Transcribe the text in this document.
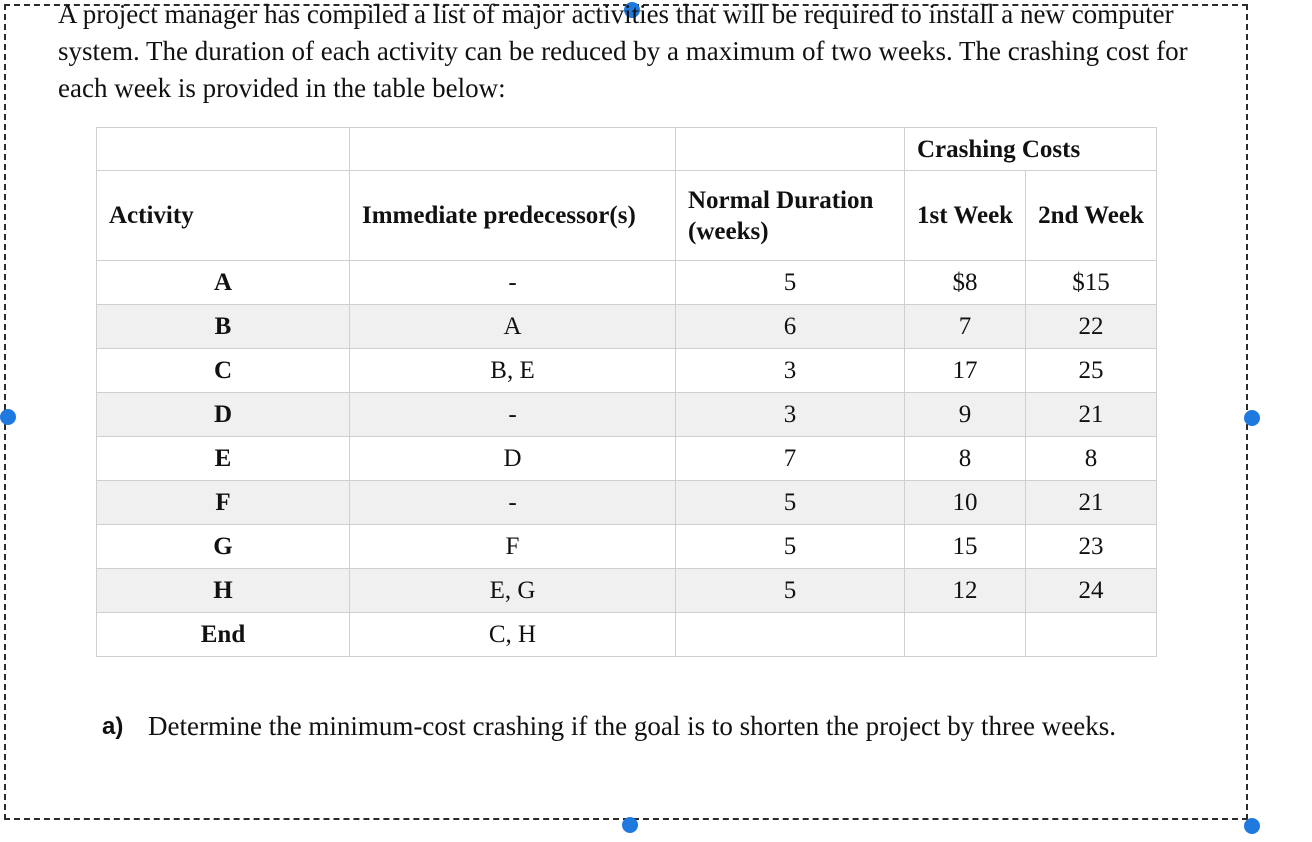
A project manager has compiled a list of major activities that will be required to install a new computer system. The duration of each activity can be reduced by a maximum of two weeks. The crashing cost for each week is provided in the table below:

			Crashing Costs	
Activity	Immediate predecessor(s)	Normal Duration (weeks)	1st Week	2nd Week
A	-	5	$8	$15
B	A	6	7	22
C	B, E	3	17	25
D	-	3	9	21
E	D	7	8	8
F	-	5	10	21
G	F	5	15	23
H	E, G	5	12	24
End	C, H			
a) Determine the minimum-cost crashing if the goal is to shorten the project by three weeks.
